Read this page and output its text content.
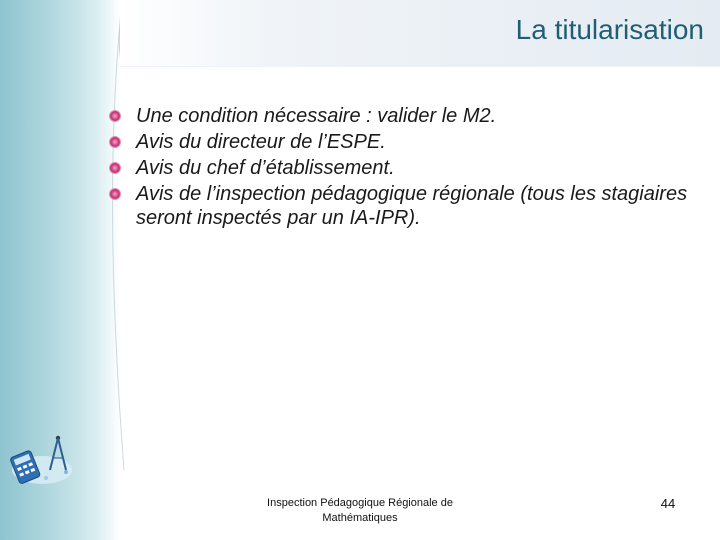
La titularisation
Une condition nécessaire : valider le M2.
Avis du directeur de l’ESPE.
Avis du chef d’établissement.
Avis de l’inspection pédagogique régionale (tous les stagiaires seront inspectés par un IA-IPR).
Inspection Pédagogique Régionale de
Mathématiques
44
